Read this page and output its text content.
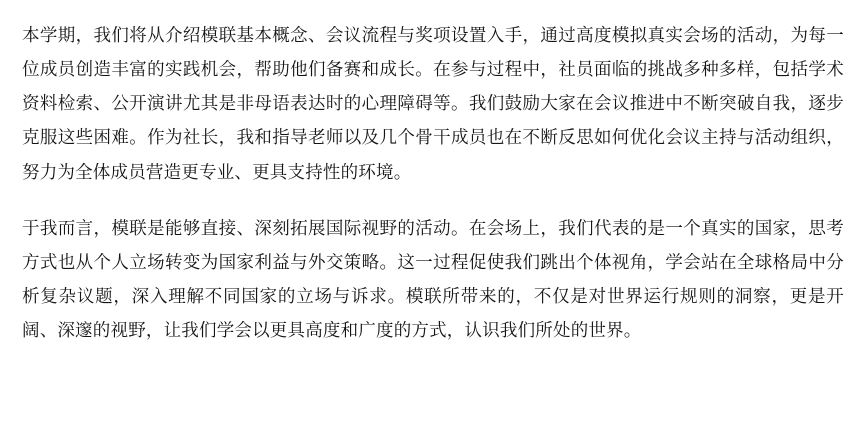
本学期，我们将从介绍模联基本概念、会议流程与奖项设置入手，通过高度模拟真实会场的活动，为每一位成员创造丰富的实践机会，帮助他们备赛和成长。在参与过程中，社员面临的挑战多种多样，包括学术资料检索、公开演讲尤其是非母语表达时的心理障碍等。我们鼓励大家在会议推进中不断突破自我，逐步克服这些困难。作为社长，我和指导老师以及几个骨干成员也在不断反思如何优化会议主持与活动组织，努力为全体成员营造更专业、更具支持性的环境。

于我而言，模联是能够直接、深刻拓展国际视野的活动。在会场上，我们代表的是一个真实的国家，思考方式也从个人立场转变为国家利益与外交策略。这一过程促使我们跳出个体视角，学会站在全球格局中分析复杂议题，深入理解不同国家的立场与诉求。模联所带来的，不仅是对世界运行规则的洞察，更是开阔、深邃的视野，让我们学会以更具高度和广度的方式，认识我们所处的世界。
